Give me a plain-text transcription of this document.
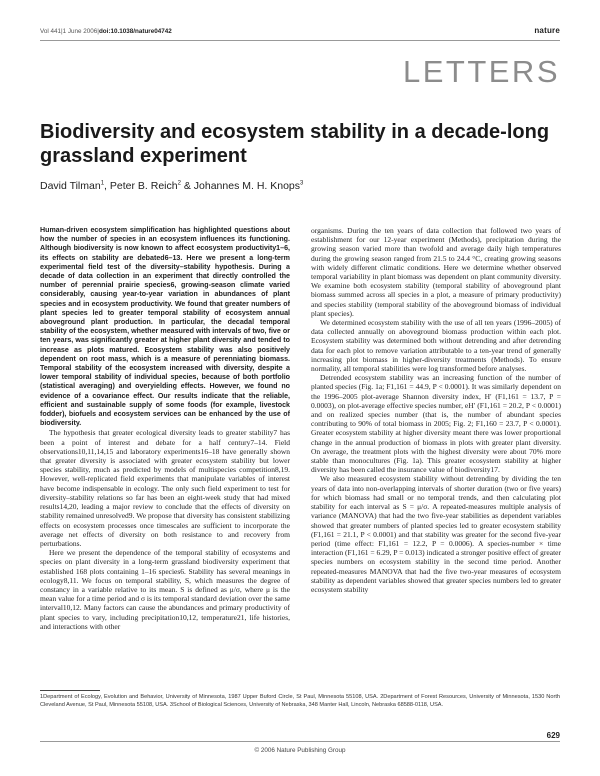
Vol 441|1 June 2006|doi:10.1038/nature04742	nature
LETTERS
Biodiversity and ecosystem stability in a decade-long grassland experiment
David Tilman$^1$, Peter B. Reich$^2$ & Johannes M. H. Knops$^3$

Human-driven ecosystem simplification has highlighted questions about how the number of species in an ecosystem influences its functioning. Although biodiversity is now known to affect ecosystem productivity1–6, its effects on stability are debated6–13. Here we present a long-term experimental field test of the diversity–stability hypothesis. During a decade of data collection in an experiment that directly controlled the number of perennial prairie species6, growing-season climate varied considerably, causing year-to-year variation in abundances of plant species and in ecosystem productivity. We found that greater numbers of plant species led to greater temporal stability of ecosystem annual aboveground plant production. In particular, the decadal temporal stability of the ecosystem, whether measured with intervals of two, five or ten years, was significantly greater at higher plant diversity and tended to increase as plots matured. Ecosystem stability was also positively dependent on root mass, which is a measure of perenniating biomass. Temporal stability of the ecosystem increased with diversity, despite a lower temporal stability of individual species, because of both portfolio (statistical averaging) and overyielding effects. However, we found no evidence of a covariance effect. Our results indicate that the reliable, efficient and sustainable supply of some foods (for example, livestock fodder), biofuels and ecosystem services can be enhanced by the use of biodiversity.

The hypothesis that greater ecological diversity leads to greater stability7 has been a point of interest and debate for a half century7–14. Field observations10,11,14,15 and laboratory experiments16–18 have generally shown that greater diversity is associated with greater ecosystem stability but lower species stability, much as predicted by models of multispecies competition8,19. However, well-replicated field experiments that manipulate variables of interest have become indispensable in ecology. The only such field experiment to test for diversity–stability relations so far has been an eight-week study that had mixed results14,20, leading a major review to conclude that the effects of diversity on stability remained unresolved9. We propose that diversity has consistent stabilizing effects on ecosystem processes once timescales are sufficient to incorporate the average net effects of diversity on both resistance to and recovery from perturbations.

Here we present the dependence of the temporal stability of ecosystems and species on plant diversity in a long-term grassland biodiversity experiment that established 168 plots containing 1–16 species6. Stability has several meanings in ecology8,11. We focus on temporal stability, S, which measures the degree of constancy in a variable relative to its mean. S is defined as μ/σ, where μ is the mean value for a time period and σ is its temporal standard deviation over the same interval10,12. Many factors can cause the abundances and primary productivity of plant species to vary, including precipitation10,12, temperature21, life histories, and interactions with other

organisms. During the ten years of data collection that followed two years of establishment for our 12-year experiment (Methods), precipitation during the growing season varied more than twofold and average daily high temperatures during the growing season ranged from 21.5 to 24.4 °C, creating growing seasons with widely different climatic conditions. Here we determine whether observed temporal variability in plant biomass was dependent on plant community diversity. We examine both ecosystem stability (temporal stability of aboveground plant biomass summed across all species in a plot, a measure of primary productivity) and species stability (temporal stability of the aboveground biomass of individual plant species).

We determined ecosystem stability with the use of all ten years (1996–2005) of data collected annually on aboveground biomass production within each plot. Ecosystem stability was determined both without detrending and after detrending data for each plot to remove variation attributable to a ten-year trend of generally increasing plot biomass in higher-diversity treatments (Methods). To ensure normality, all temporal stabilities were log transformed before analyses.

Detrended ecosystem stability was an increasing function of the number of planted species (Fig. 1a; F1,161 = 44.9, P < 0.0001). It was similarly dependent on the 1996–2005 plot-average Shannon diversity index, H′ (F1,161 = 13.7, P = 0.0003), on plot-average effective species number, eH′ (F1,161 = 20.2, P < 0.0001) and on realized species number (that is, the number of abundant species contributing to 90% of total biomass in 2005; Fig. 2; F1,160 = 23.7, P < 0.0001). Greater ecosystem stability at higher diversity meant there was lower proportional change in the annual production of biomass in plots with greater plant diversity. On average, the treatment plots with the highest diversity were about 70% more stable than monocultures (Fig. 1a). This greater ecosystem stability at higher diversity has been called the insurance value of biodiversity17.

We also measured ecosystem stability without detrending by dividing the ten years of data into non-overlapping intervals of shorter duration (two or five years) for which biomass had small or no temporal trends, and then calculating plot stability for each interval as S = μ/σ. A repeated-measures multiple analysis of variance (MANOVA) that had the two five-year stabilities as dependent variables showed that greater numbers of planted species led to greater ecosystem stability (F1,161 = 21.1, P < 0.0001) and that stability was greater for the second five-year period (time effect: F1,161 = 12.2, P = 0.0006). A species-number × time interaction (F1,161 = 6.29, P = 0.013) indicated a stronger positive effect of greater species numbers on ecosystem stability in the second time period. Another repeated-measures MANOVA that had the five two-year measures of ecosystem stability as dependent variables showed that greater species numbers led to greater ecosystem stability

1Department of Ecology, Evolution and Behavior, University of Minnesota, 1987 Upper Buford Circle, St Paul, Minnesota 55108, USA. 2Department of Forest Resources, University of Minnesota, 1530 North Cleveland Avenue, St Paul, Minnesota 55108, USA. 3School of Biological Sciences, University of Nebraska, 348 Manter Hall, Lincoln, Nebraska 68588-0118, USA.
629
© 2006 Nature Publishing Group
